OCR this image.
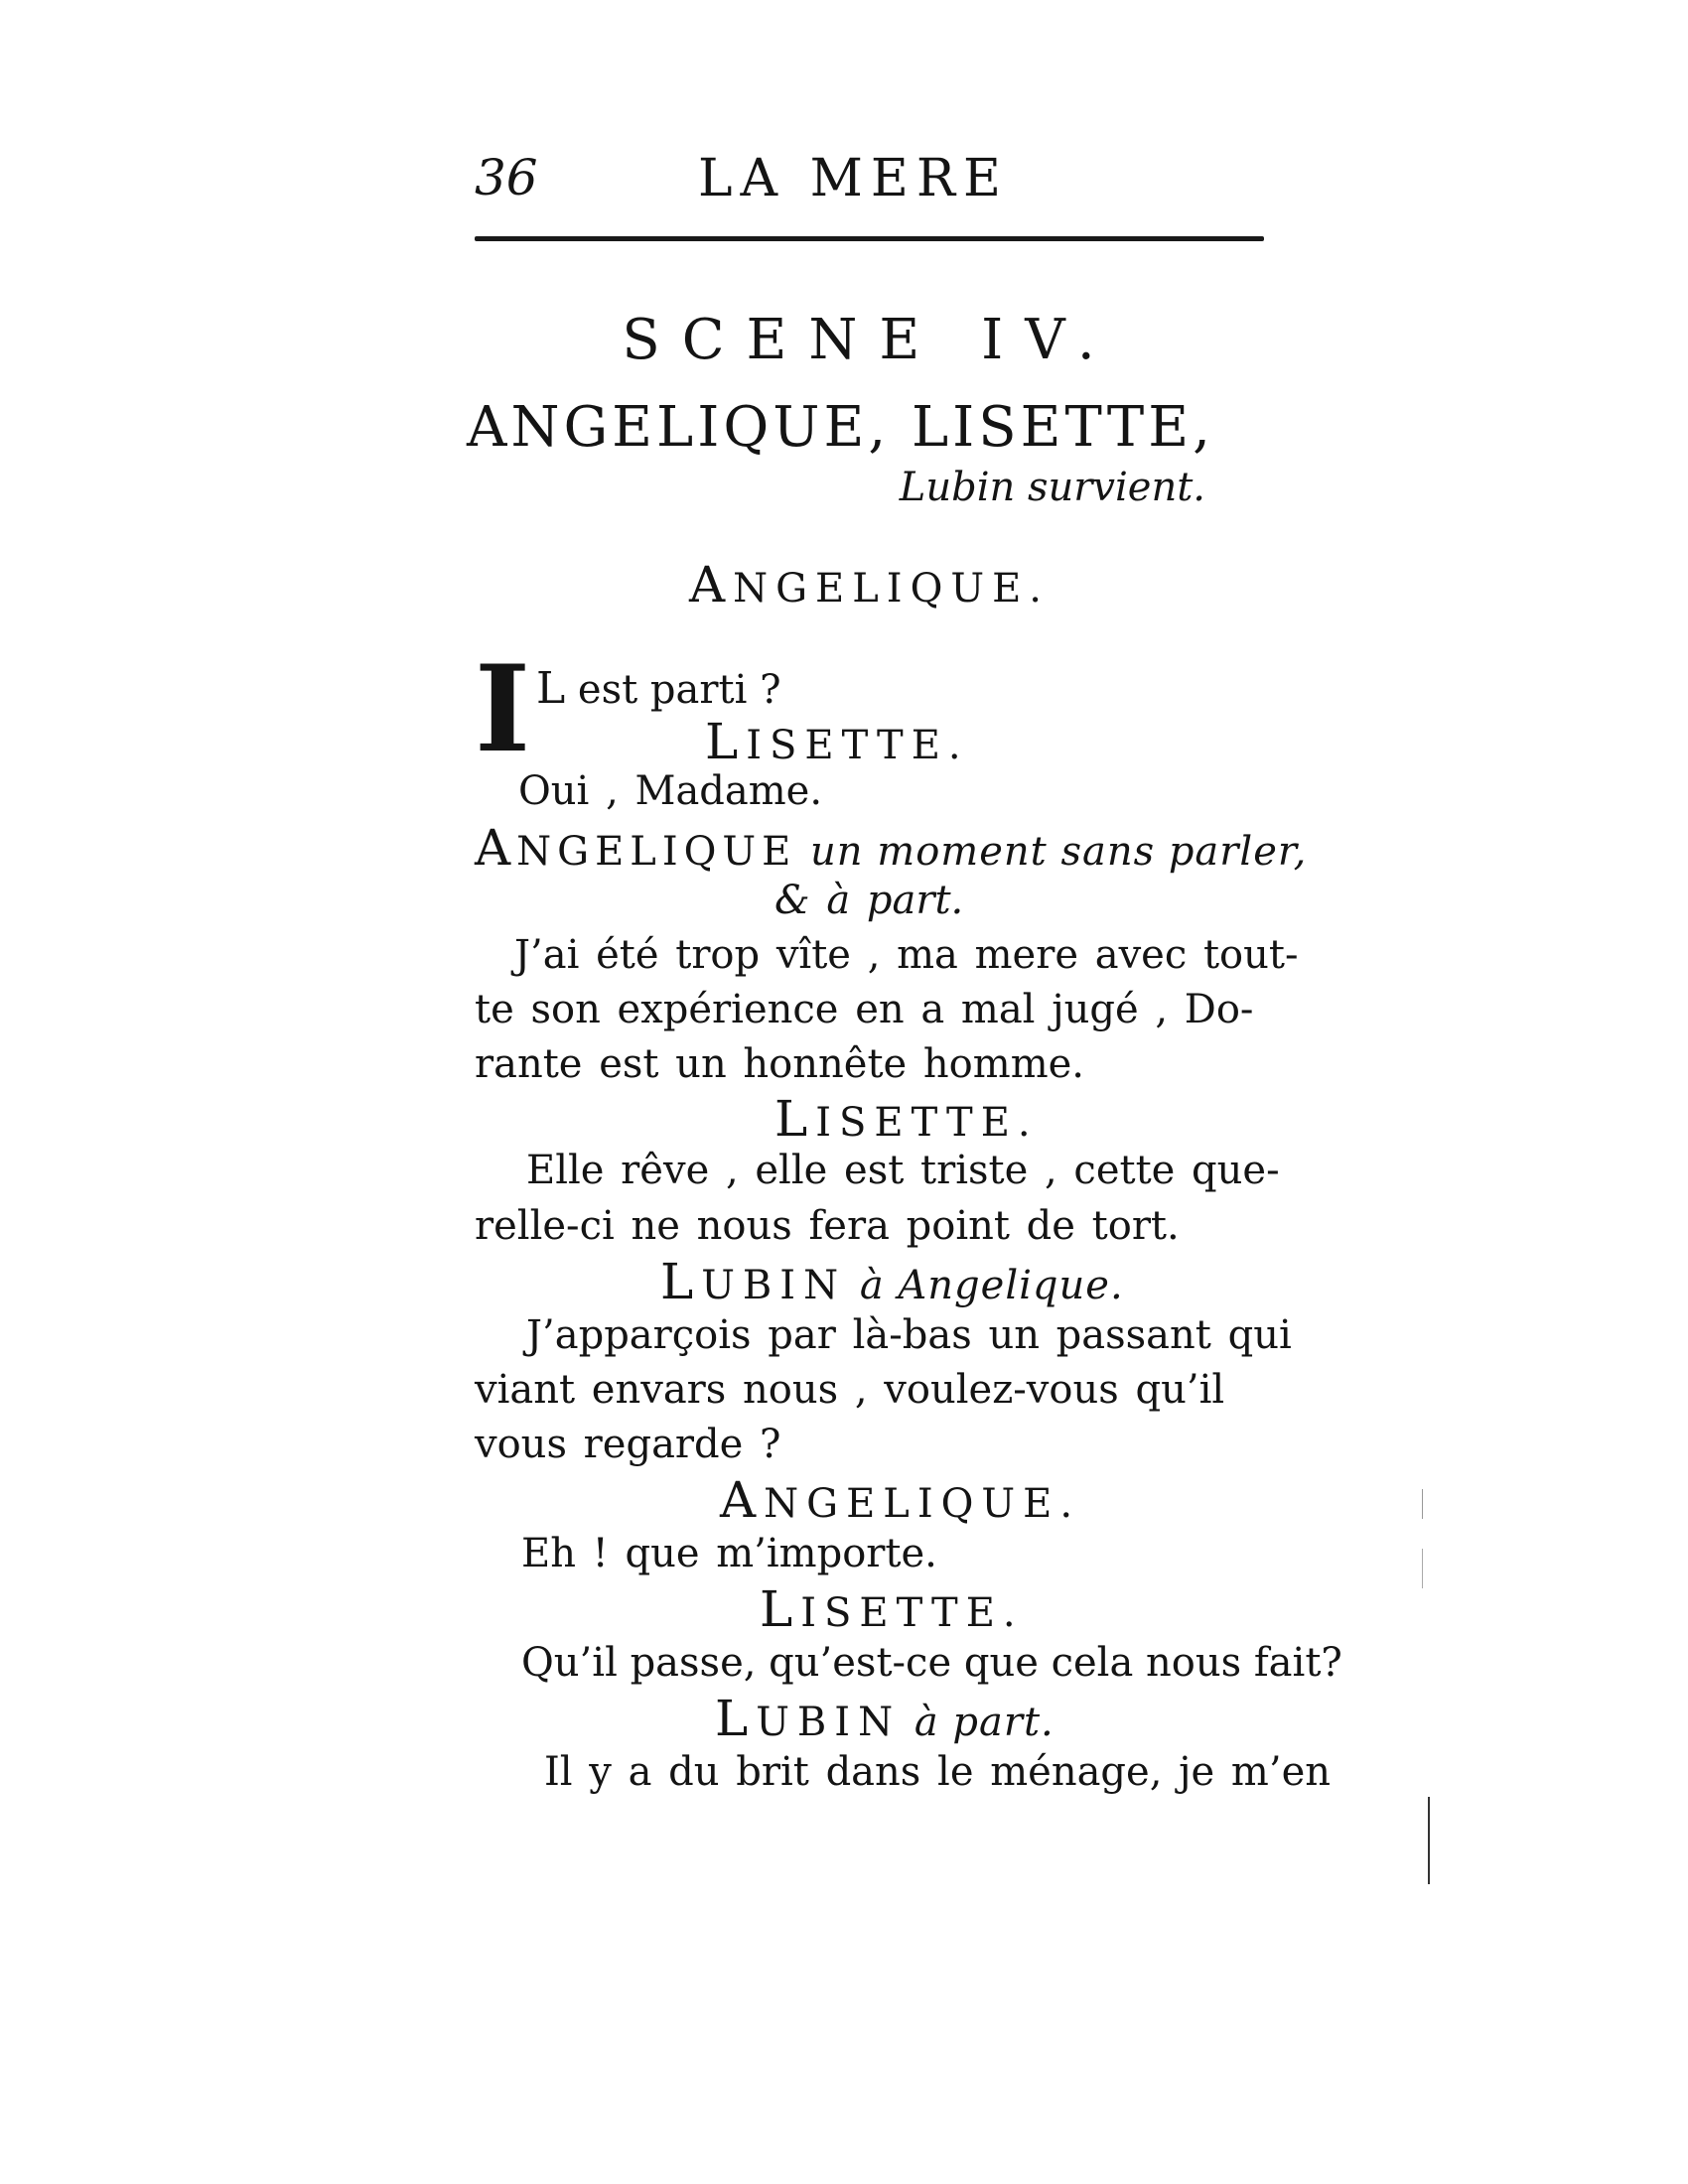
36	LA MERE
SCENE IV.
ANGELIQUE, LISETTE,
Lubin survient.
ANGELIQUE.
I L est parti ?
LISETTE.
Oui , Madame.
ANGELIQUE un moment sans parler,
& à part.
J’ai été trop vîte , ma mere avec tout-
te son expérience en a mal jugé , Do-
rante est un honnête homme.
LISETTE.
Elle rêve , elle est triste , cette que-
relle-ci ne nous fera point de tort.
LUBIN à Angelique.
J’apparçois par là-bas un passant qui
viant envars nous , voulez-vous qu’il
vous regarde ?
ANGELIQUE.
Eh ! que m’importe.
LISETTE.
Qu’il passe, qu’est-ce que cela nous fait?
LUBIN à part.
Il y a du brit dans le ménage, je m’en
